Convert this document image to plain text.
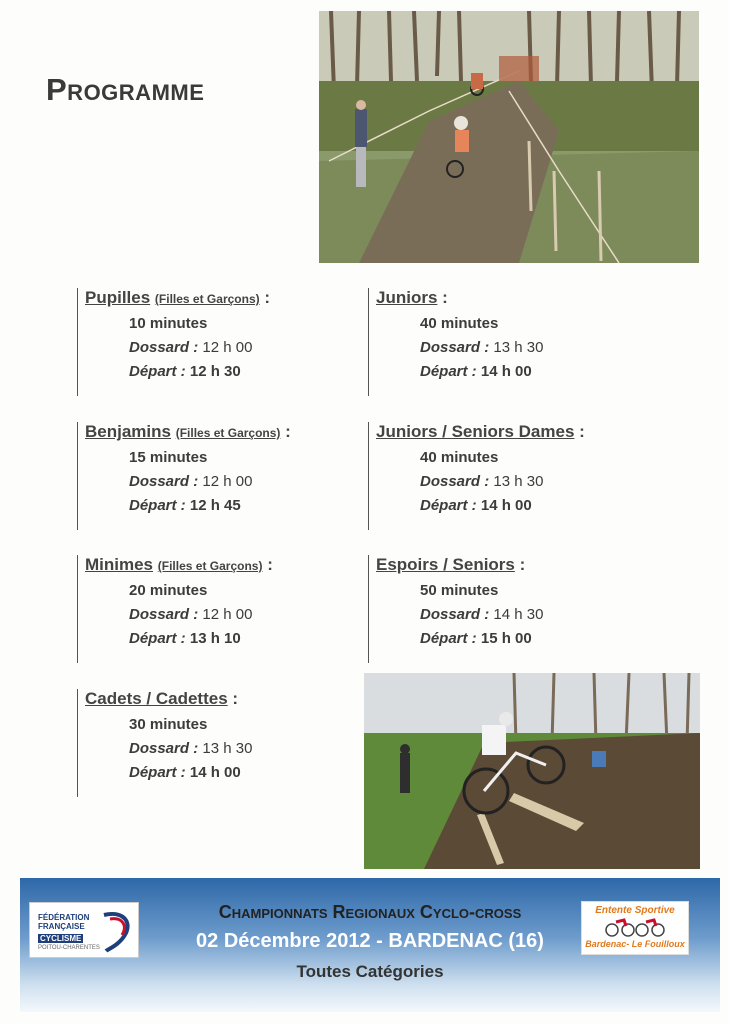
Programme
Pupilles (Filles et Garçons) :
10 minutes
Dossard : 12 h 00
Départ : 12 h 30
Juniors :
40 minutes
Dossard : 13 h 30
Départ : 14 h 00
Benjamins (Filles et Garçons) :
15 minutes
Dossard : 12 h 00
Départ : 12 h 45
Juniors / Seniors Dames :
40 minutes
Dossard : 13 h 30
Départ : 14 h 00
Minimes (Filles et Garçons) :
20 minutes
Dossard : 12 h 00
Départ : 13 h 10
Espoirs / Seniors :
50 minutes
Dossard : 14 h 30
Départ : 15 h 00
Cadets / Cadettes :
30 minutes
Dossard : 13 h 30
Départ : 14 h 00
FÉDÉRATION
FRANÇAISE
CYCLISME
POITOU-CHARENTES
Championnats Regionaux Cyclo-cross
02 Décembre 2012 - BARDENAC (16)
Toutes Catégories
Entente Sportive
Bardenac- Le Fouilloux
